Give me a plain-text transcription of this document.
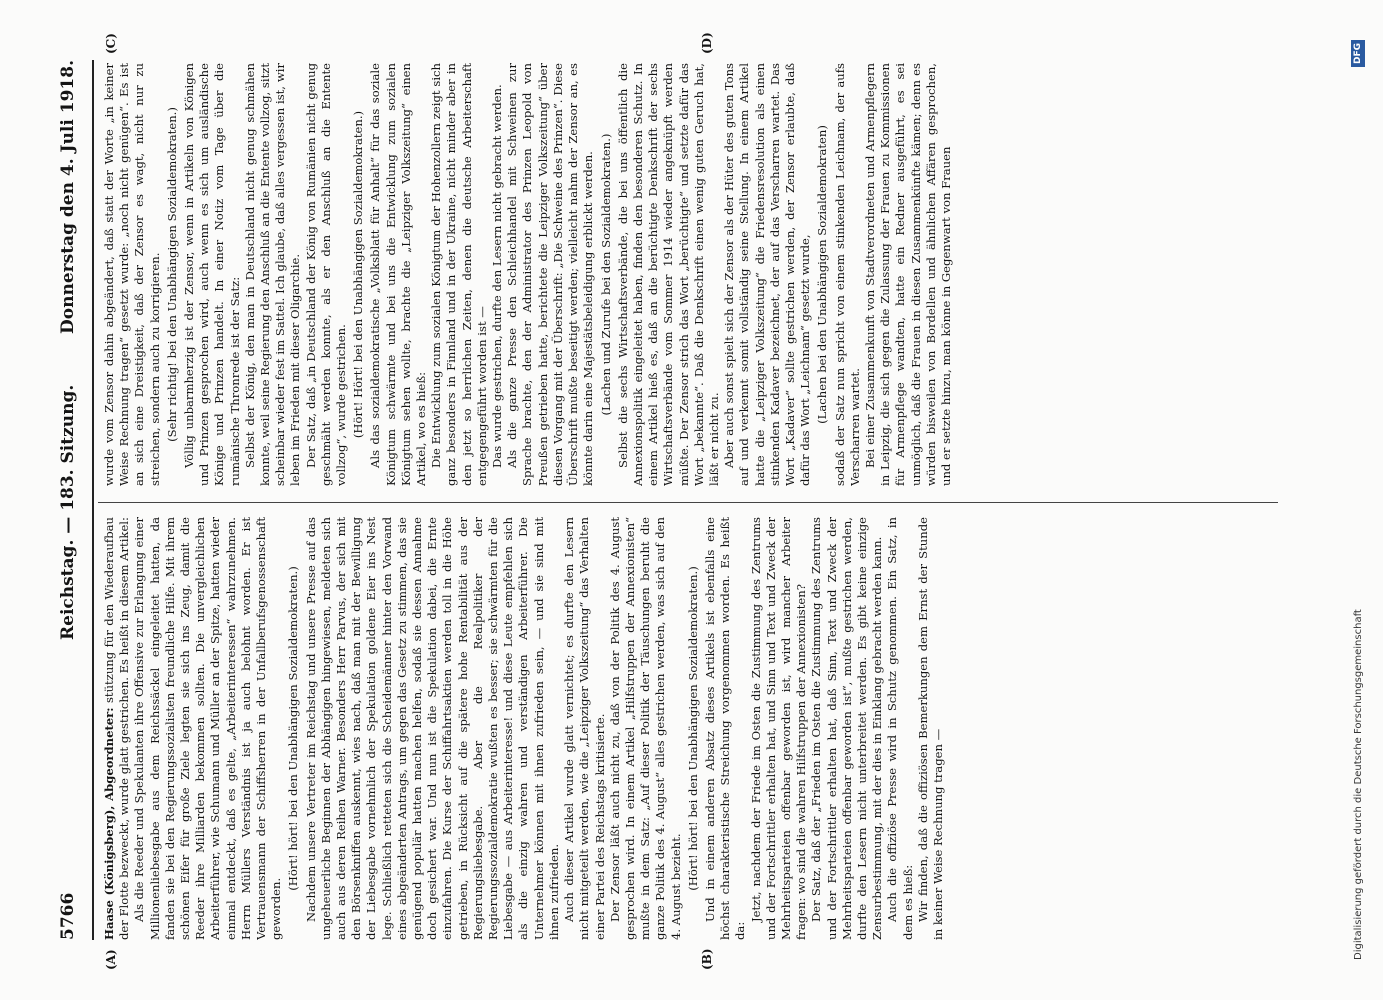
5766
Reichstag. — 183. Sitzung.
Donnerstag den 4. Juli 1918.
(A)	(B)
(C)	(D)

Haase (Königsberg), Abgeordneter: stützung für den Wiederaufbau der Flotte bezweckt, wurde glatt gestrichen. Es heißt in diesem Artikel: Als die Reeder und Spekulanten ihre Offensive zur Erlangung einer Millionenliebesgabe aus dem Reichssäckel eingeleitet hatten, da fanden sie bei den Regierungssozialisten freundliche Hilfe. Mit ihrem schönen Eifer für große Ziele legten sie sich ins Zeug, damit die Reeder ihre Milliarden bekommen sollten. Die unvergleichlichen Arbeiterführer, wie Schumann und Müller an der Spitze, hatten wieder einmal entdeckt, daß es gelte, „Arbeiterinteressen“ wahrzunehmen. Herrn Müllers Verständnis ist ja auch belohnt worden. Er ist Vertrauensmann der Schiffsherren in der Unfallberufsgenossenschaft geworden.

(Hört! hört! bei den Unabhängigen Sozialdemokraten.) Nachdem unsere Vertreter im Reichstag und unsere Presse auf das ungeheuerliche Beginnen der Abhängigen hingewiesen, meldeten sich auch aus deren Reihen Warner. Besonders Herr Parvus, der sich mit den Börsenkniffen auskennt, wies nach, daß man mit der Bewilligung der Liebesgabe vornehmlich der Spekulation goldene Eier ins Nest lege. Schließlich retteten sich die Scheidemänner hinter den Vorwand eines abgeänderten Antrags, um gegen das Gesetz zu stimmen, das sie genügend populär hatten machen helfen, sodaß sie dessen Annahme doch gesichert war. Und nun ist die Spekulation dabei, die Ernte einzufahren. Die Kurse der Schiffahrtsaktien werden toll in die Höhe getrieben, in Rücksicht auf die spätere hohe Rentabilität aus der Regierungsliebesgabe. Aber die Realpolitiker der Regierungssozialdemokratie wußten es besser; sie schwärmten für die Liebesgabe — aus Arbeiterinteresse! und diese Leute empfehlen sich als die einzig wahren und verständigen Arbeiterführer. Die Unternehmer können mit ihnen zufrieden sein, — und sie sind mit ihnen zufrieden. Auch dieser Artikel wurde glatt vernichtet; es durfte den Lesern nicht mitgeteilt werden, wie die „Leipziger Volkszeitung“ das Verhalten einer Partei des Reichstags kritisierte. Der Zensor läßt auch nicht zu, daß von der Politik des 4. August gesprochen wird. In einem Artikel „Hilfstruppen der Annexionisten“ mußte in dem Satz: „Auf dieser Politik der Täuschungen beruht die ganze Politik des 4. August“ alles gestrichen werden, was sich auf den 4. August bezieht. (Hört! hört! bei den Unabhängigen Sozialdemokraten.) Und in einem anderen Absatz dieses Artikels ist ebenfalls eine höchst charakteristische Streichung vorgenommen worden. Es heißt da:

Jetzt, nachdem der Friede im Osten die Zustimmung des Zentrums und der Fortschrittler erhalten hat, und Sinn und Text und Zweck der Mehrheitsparteien offenbar geworden ist, wird mancher Arbeiter fragen: wo sind die wahren Hilfstruppen der Annexionisten? Der Satz, daß der „Frieden im Osten die Zustimmung des Zentrums und der Fortschrittler erhalten hat, daß Sinn, Text und Zweck der Mehrheitsparteien offenbar geworden ist“, mußte gestrichen werden, durfte den Lesern nicht unterbreitet werden. Es gibt keine einzige Zensurbestimmung, mit der dies in Einklang gebracht werden kann. Auch die offiziöse Presse wird in Schutz genommen. Ein Satz, in dem es hieß: Wir finden, daß die offiziösen Bemerkungen dem Ernst der Stunde in keiner Weise Rechnung tragen —

wurde vom Zensor dahin abgeändert, daß statt der Worte „in keiner Weise Rechnung tragen“ gesetzt wurde: „noch nicht genügen“. Es ist an sich eine Dreistigkeit, daß der Zensor es wagt, nicht nur zu streichen, sondern auch zu korrigieren. (Sehr richtig! bei den Unabhängigen Sozialdemokraten.) Völlig unbarmherzig ist der Zensor, wenn in Artikeln von Königen und Prinzen gesprochen wird, auch wenn es sich um ausländische Könige und Prinzen handelt. In einer Notiz vom Tage über die rumänische Thronrede ist der Satz: Selbst der König, den man in Deutschland nicht genug schmähen konnte, weil seine Regierung den Anschluß an die Entente vollzog, sitzt scheinbar wieder fest im Sattel. Ich glaube, daß alles vergessen ist, wir leben im Frieden mit dieser Oligarchie. Der Satz, daß „in Deutschland der König von Rumänien nicht genug geschmäht werden konnte, als er den Anschluß an die Entente vollzog“, wurde gestrichen. (Hört! Hört! bei den Unabhängigen Sozialdemokraten.) Als das sozialdemokratische „Volksblatt für Anhalt“ für das soziale Königtum schwärmte und bei uns die Entwicklung zum sozialen Königtum sehen wollte, brachte die „Leipziger Volkszeitung“ einen Artikel, wo es hieß: Die Entwicklung zum sozialen Königtum der Hohenzollern zeigt sich ganz besonders in Finnland und in der Ukraine, nicht minder aber in den jetzt so herrlichen Zeiten, denen die deutsche Arbeiterschaft entgegengeführt worden ist — Das wurde gestrichen, durfte den Lesern nicht gebracht werden. Als die ganze Presse den Schleichhandel mit Schweinen zur Sprache brachte, den der Administrator des Prinzen Leopold von Preußen getrieben hatte, berichtete die Leipziger Volkszeitung“ über diesen Vorgang mit der Überschrift: „Die Schweine des Prinzen“. Diese Überschrift mußte beseitigt werden; vielleicht nahm der Zensor an, es könnte darin eine Majestätsbeleidigung erblickt werden. (Lachen und Zurufe bei den Sozialdemokraten.) Selbst die sechs Wirtschaftsverbände, die bei uns öffentlich die Annexionspolitik eingeleitet haben, finden den besonderen Schutz. In einem Artikel hieß es, daß an die berüchtigte Denkschrift der sechs Wirtschaftsverbände vom Sommer 1914 wieder angeknüpft werden müßte. Der Zensor strich das Wort „berüchtigte“ und setzte dafür das Wort „bekannte“. Daß die Denkschrift einen wenig guten Geruch hat, läßt er nicht zu. Aber auch sonst spielt sich der Zensor als der Hüter des guten Tons auf und verkennt somit vollständig seine Stellung. In einem Artikel hatte die „Leipziger Volkszeitung“ die Friedensresolution als einen stinkenden Kadaver bezeichnet, der auf das Verscharren wartet. Das Wort „Kadaver“ sollte gestrichen werden, der Zensor erlaubte, daß dafür das Wort „Leichnam“ gesetzt wurde, (Lachen bei den Unabhängigen Sozialdemokraten) sodaß der Satz nun spricht von einem stinkenden Leichnam, der aufs Verscharren wartet. Bei einer Zusammenkunft von Stadtverordneten und Armenpflegern in Leipzig, die sich gegen die Zulassung der Frauen zu Kommissionen für Armenpflege wandten, hatte ein Redner ausgeführt, es sei unmöglich, daß die Frauen in diesen Zusammenkünfte kämen; denn es würden bisweilen von Bordellen und ähnlichen Affären gesprochen, und er setzte hinzu, man könne in Gegenwart von Frauen

Digitalisierung gefördert durch die Deutsche Forschungsgemeinschaft
DFG
